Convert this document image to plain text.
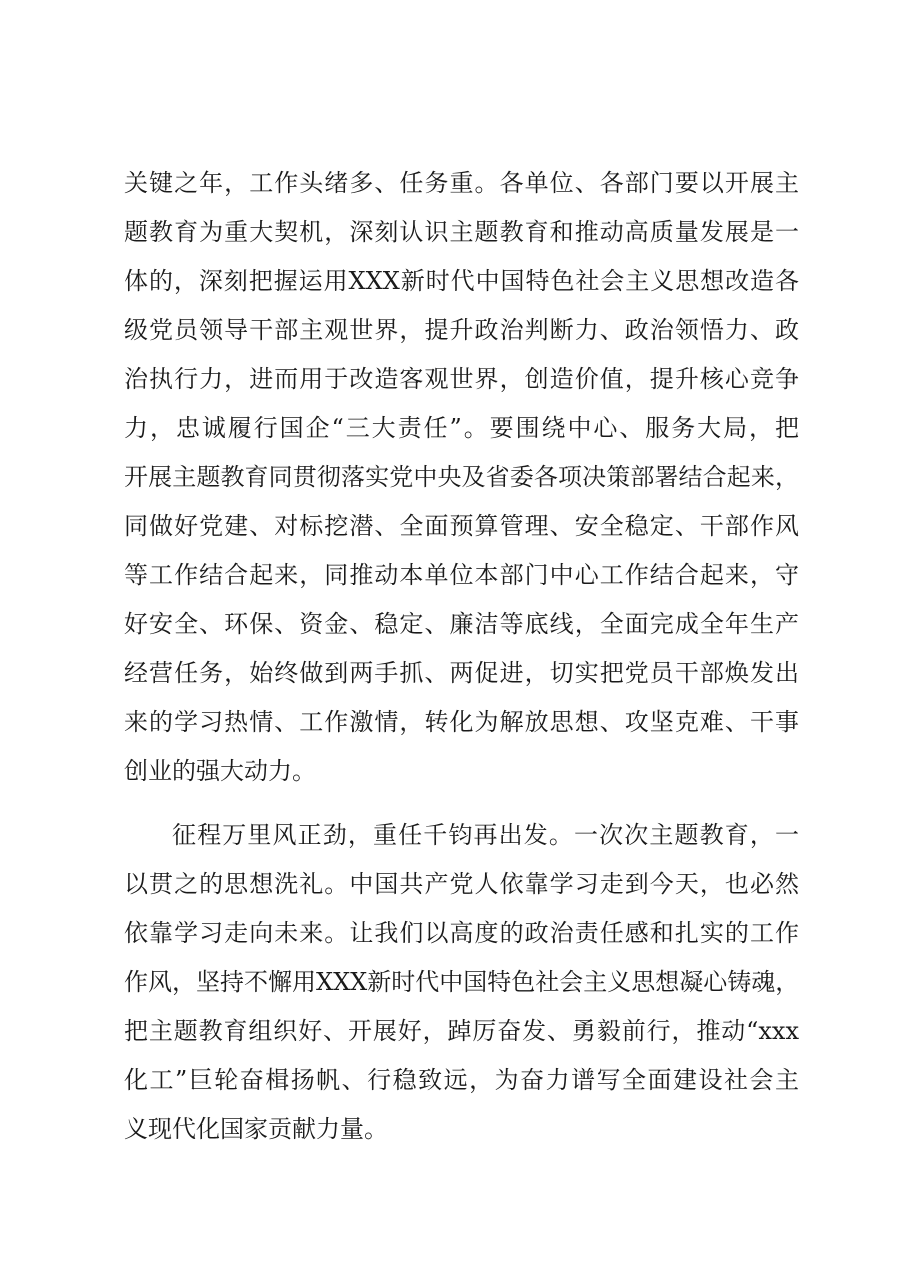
关键之年，工作头绪多、任务重。各单位、各部门要以开展主
题教育为重大契机，深刻认识主题教育和推动高质量发展是一
体的，深刻把握运用XXX新时代中国特色社会主义思想改造各
级党员领导干部主观世界，提升政治判断力、政治领悟力、政
治执行力，进而用于改造客观世界，创造价值，提升核心竞争
力，忠诚履行国企“三大责任”。要围绕中心、服务大局，把
开展主题教育同贯彻落实党中央及省委各项决策部署结合起来，
同做好党建、对标挖潜、全面预算管理、安全稳定、干部作风
等工作结合起来，同推动本单位本部门中心工作结合起来，守
好安全、环保、资金、稳定、廉洁等底线，全面完成全年生产
经营任务，始终做到两手抓、两促进，切实把党员干部焕发出
来的学习热情、工作激情，转化为解放思想、攻坚克难、干事
创业的强大动力。
征程万里风正劲，重任千钧再出发。一次次主题教育，一
以贯之的思想洗礼。中国共产党人依靠学习走到今天，也必然
依靠学习走向未来。让我们以高度的政治责任感和扎实的工作
作风，坚持不懈用XXX新时代中国特色社会主义思想凝心铸魂，
把主题教育组织好、开展好，踔厉奋发、勇毅前行，推动“xxx
化工”巨轮奋楫扬帆、行稳致远，为奋力谱写全面建设社会主
义现代化国家贡献力量。
